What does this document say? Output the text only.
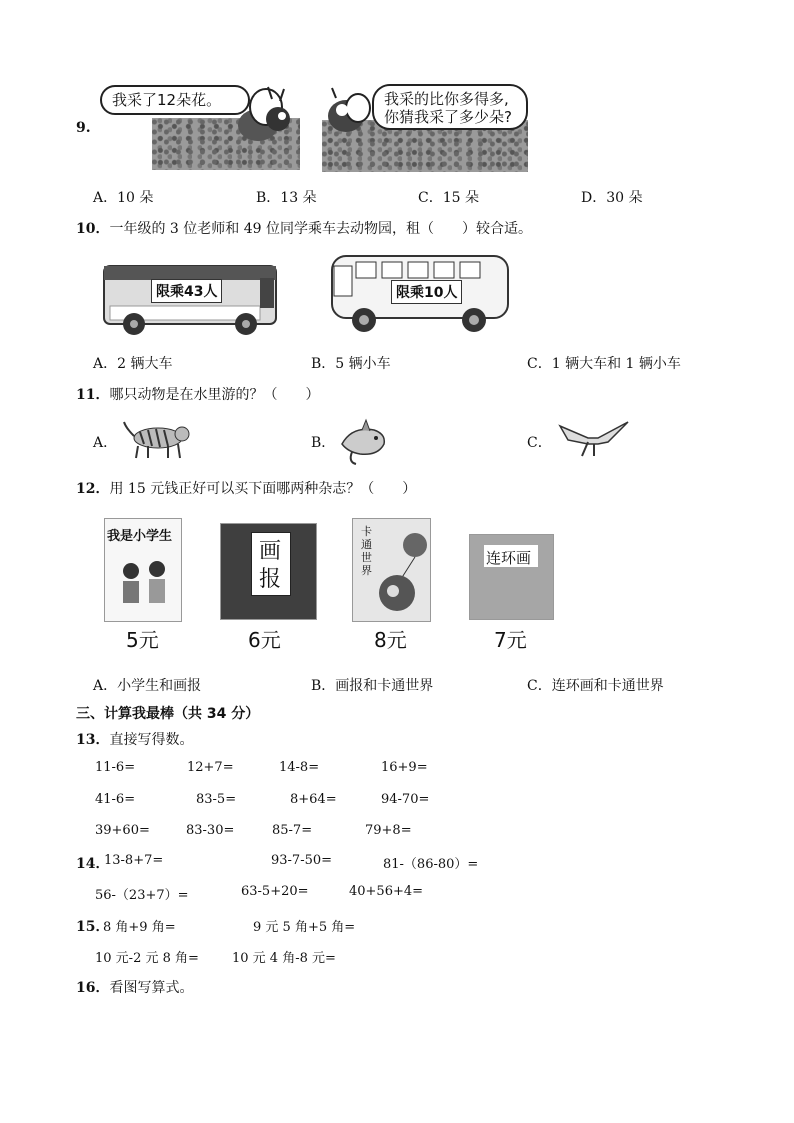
我采了12朵花。	我采的比你多得多,
你猜我采了多少朵?
9.
A．10 朵	B．13 朵	C．15 朵	D．30 朵
10．一年级的 3 位老师和 49 位同学乘车去动物园，租（　　）较合适。
限乘43人	限乘10人
A．2 辆大车	B．5 辆小车	C．1 辆大车和 1 辆小车
11．哪只动物是在水里游的？（　　）
A．	B．	C．
12．用 15 元钱正好可以买下面哪两种杂志？（　　）
我是小学生
画
报
卡通世界
连环画
5元	6元	8元	7元
A．小学生和画报	B．画报和卡通世界	C．连环画和卡通世界
三、计算我最棒（共 34 分）
13．直接写得数。
11-6=	12+7=	14-8=	16+9=
41-6=	83-5=	8+64=	94-70=
39+60=	83-30=	85-7=	79+8=
14．
13-8+7=	93-7-50=	81-（86-80）=
56-（23+7）=	63-5+20=	40+56+4=
15．
8 角+9 角=	9 元 5 角+5 角=
10 元-2 元 8 角=	10 元 4 角-8 元=
16．看图写算式。
